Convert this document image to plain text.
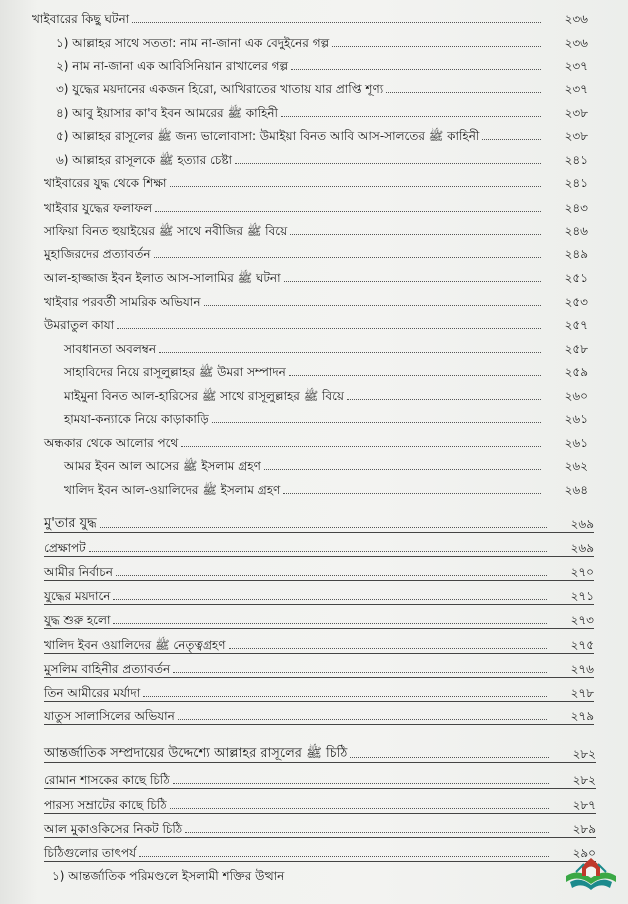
খাইবারের কিছু ঘটনা	২৩৬
১) আল্লাহর সাথে সততা: নাম না-জানা এক বেদুইনের গল্প	২৩৬
২) নাম না-জানা এক আবিসিনিয়ান রাখালের গল্প	২৩৭
৩) যুদ্ধের ময়দানের একজন হিরো, আখিরাতের খাতায় যার প্রাপ্তি শূণ্য	২৩৭
৪) আবু ইয়াসার কা'ব ইবন আমরের ﷺ কাহিনী	২৩৮
৫) আল্লাহর রাসূলের ﷺ জন্য ভালোবাসা: উমাইয়া বিনত আবি আস-সালতের ﷺ কাহিনী	২৩৮
৬) আল্লাহর রাসূলকে ﷺ হত্যার চেষ্টা	২৪১
খাইবারের যুদ্ধ থেকে শিক্ষা	২৪১
খাইবার যুদ্ধের ফলাফল	২৪৩
সাফিয়া বিনত হুয়াইয়ের ﷺ সাথে নবীজির ﷺ বিয়ে	২৪৬
মুহাজিরদের প্রত্যাবর্তন	২৪৯
আল-হাজ্জাজ ইবন ইলাত আস-সালামির ﷺ ঘটনা	২৫১
খাইবার পরবর্তী সামরিক অভিযান	২৫৩
উমরাতুল কাযা	২৫৭
সাবধানতা অবলম্বন	২৫৮
সাহাবিদের নিয়ে রাসূলুল্লাহর ﷺ উমরা সম্পাদন	২৫৯
মাইমুনা বিনত আল-হারিসের ﷺ সাথে রাসূলুল্লাহর ﷺ বিয়ে	২৬০
হামযা-কন্যাকে নিয়ে কাড়াকাড়ি	২৬১
অন্ধকার থেকে আলোর পথে	২৬১
আমর ইবন আল আসের ﷺ ইসলাম গ্রহণ	২৬২
খালিদ ইবন আল-ওয়ালিদের ﷺ ইসলাম গ্রহণ	২৬৪
মু'তার যুদ্ধ	২৬৯
প্রেক্ষাপট	২৬৯
আমীর নির্বাচন	২৭০
যুদ্ধের ময়দানে	২৭১
যুদ্ধ শুরু হলো	২৭৩
খালিদ ইবন ওয়ালিদের ﷺ নেতৃত্বগ্রহণ	২৭৫
মুসলিম বাহিনীর প্রত্যাবর্তন	২৭৬
তিন আমীরের মর্যাদা	২৭৮
যাতুস সালাসিলের অভিযান	২৭৯
আন্তর্জাতিক সম্প্রদায়ের উদ্দেশ্যে আল্লাহর রাসূলের ﷺ চিঠি	২৮২
রোমান শাসকের কাছে চিঠি	২৮২
পারস্য সম্রাটের কাছে চিঠি	২৮৭
আল মুকাওকিসের নিকট চিঠি	২৮৯
চিঠিগুলোর তাৎপর্য	২৯০
১) আন্তর্জাতিক পরিমণ্ডলে ইসলামী শক্তির উত্থান
